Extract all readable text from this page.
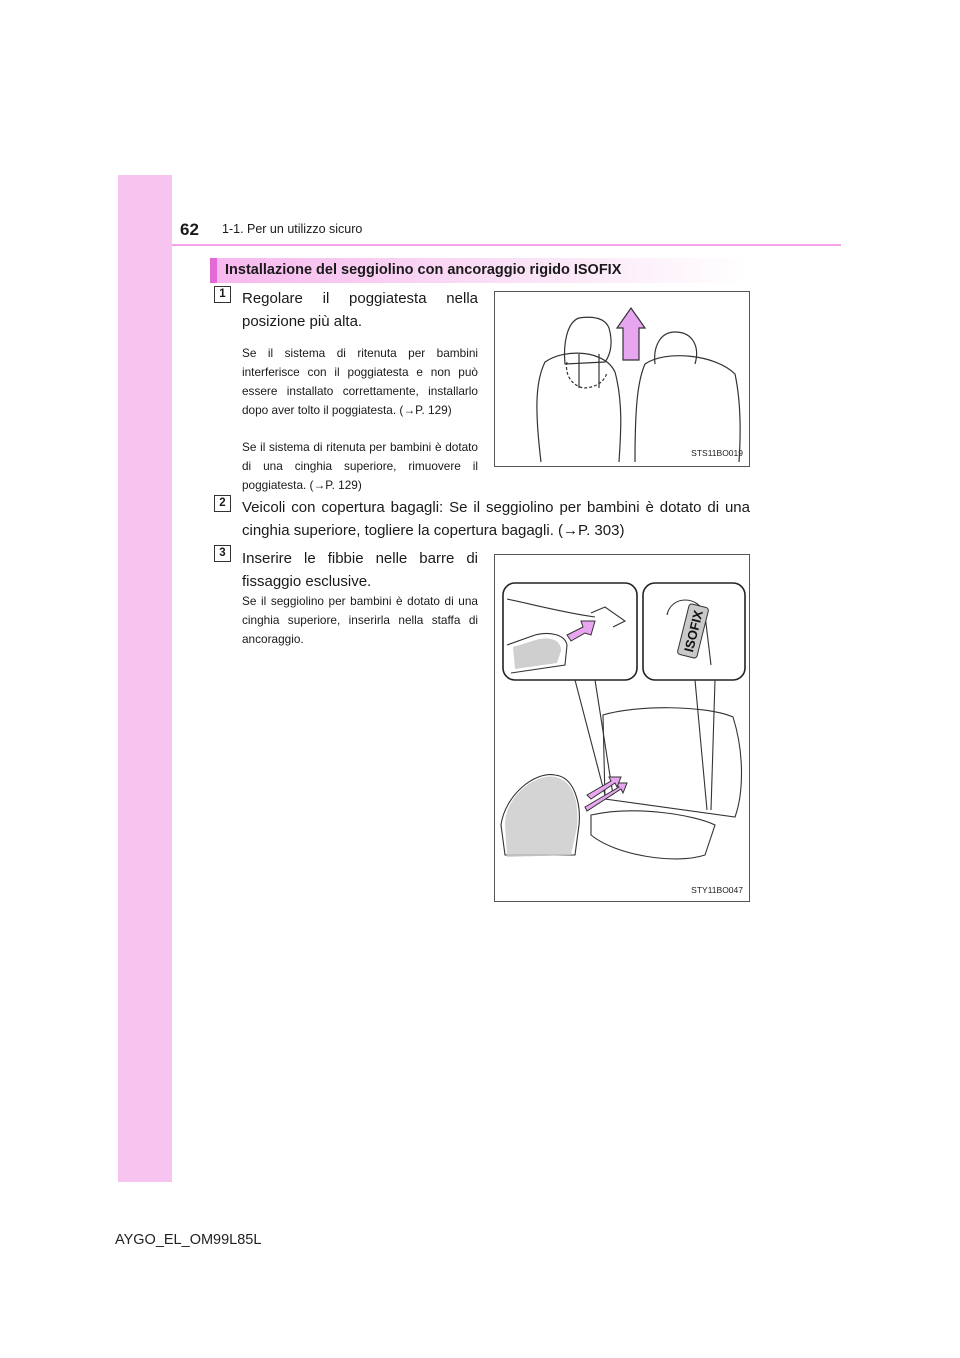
62 1-1. Per un utilizzo sicuro
Installazione del seggiolino con ancoraggio rigido ISOFIX
1	Regolare il poggiatesta nella posizione più alta.
Se il sistema di ritenuta per bambini interferisce con il poggiatesta e non può essere installato correttamente, installarlo dopo aver tolto il poggiatesta. (→P. 129)
Se il sistema di ritenuta per bambini è dotato di una cinghia superiore, rimuovere il poggiatesta. (→P. 129)
STS11BO019
2	Veicoli con copertura bagagli: Se il seggiolino per bambini è dotato di una cinghia superiore, togliere la copertura bagagli. (→P. 303)
3	Inserire le fibbie nelle barre di fissaggio esclusive.
Se il seggiolino per bambini è dotato di una cinghia superiore, inserirla nella staffa di ancoraggio.	ISOFIX
STY11BO047
AYGO_EL_OM99L85L
